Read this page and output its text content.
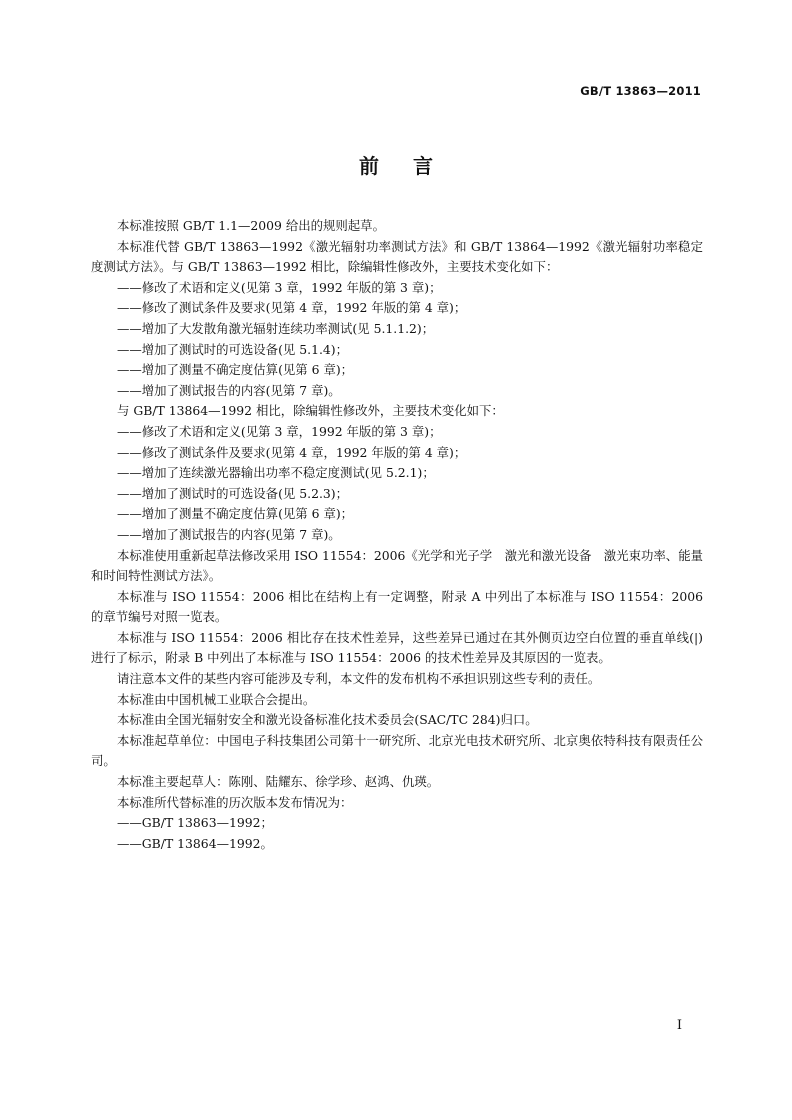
GB/T 13863—2011
前言

本标准按照 GB/T 1.1—2009 给出的规则起草。

本标准代替 GB/T 13863—1992《激光辐射功率测试方法》和 GB/T 13864—1992《激光辐射功率稳定度测试方法》。与 GB/T 13863—1992 相比，除编辑性修改外，主要技术变化如下：

——修改了术语和定义(见第 3 章，1992 年版的第 3 章)；

——修改了测试条件及要求(见第 4 章，1992 年版的第 4 章)；

——增加了大发散角激光辐射连续功率测试(见 5.1.1.2)；

——增加了测试时的可选设备(见 5.1.4)；

——增加了测量不确定度估算(见第 6 章)；

——增加了测试报告的内容(见第 7 章)。

与 GB/T 13864—1992 相比，除编辑性修改外，主要技术变化如下：

——修改了术语和定义(见第 3 章，1992 年版的第 3 章)；

——修改了测试条件及要求(见第 4 章，1992 年版的第 4 章)；

——增加了连续激光器输出功率不稳定度测试(见 5.2.1)；

——增加了测试时的可选设备(见 5.2.3)；

——增加了测量不确定度估算(见第 6 章)；

——增加了测试报告的内容(见第 7 章)。

本标准使用重新起草法修改采用 ISO 11554：2006《光学和光子学　激光和激光设备　激光束功率、能量和时间特性测试方法》。

本标准与 ISO 11554：2006 相比在结构上有一定调整，附录 A 中列出了本标准与 ISO 11554：2006 的章节编号对照一览表。

本标准与 ISO 11554：2006 相比存在技术性差异，这些差异已通过在其外侧页边空白位置的垂直单线(|)进行了标示，附录 B 中列出了本标准与 ISO 11554：2006 的技术性差异及其原因的一览表。

请注意本文件的某些内容可能涉及专利，本文件的发布机构不承担识别这些专利的责任。

本标准由中国机械工业联合会提出。

本标准由全国光辐射安全和激光设备标准化技术委员会(SAC/TC 284)归口。

本标准起草单位：中国电子科技集团公司第十一研究所、北京光电技术研究所、北京奥依特科技有限责任公司。

本标准主要起草人：陈刚、陆耀东、徐学珍、赵鸿、仇瑛。

本标准所代替标准的历次版本发布情况为：

——GB/T 13863—1992；

——GB/T 13864—1992。

I
